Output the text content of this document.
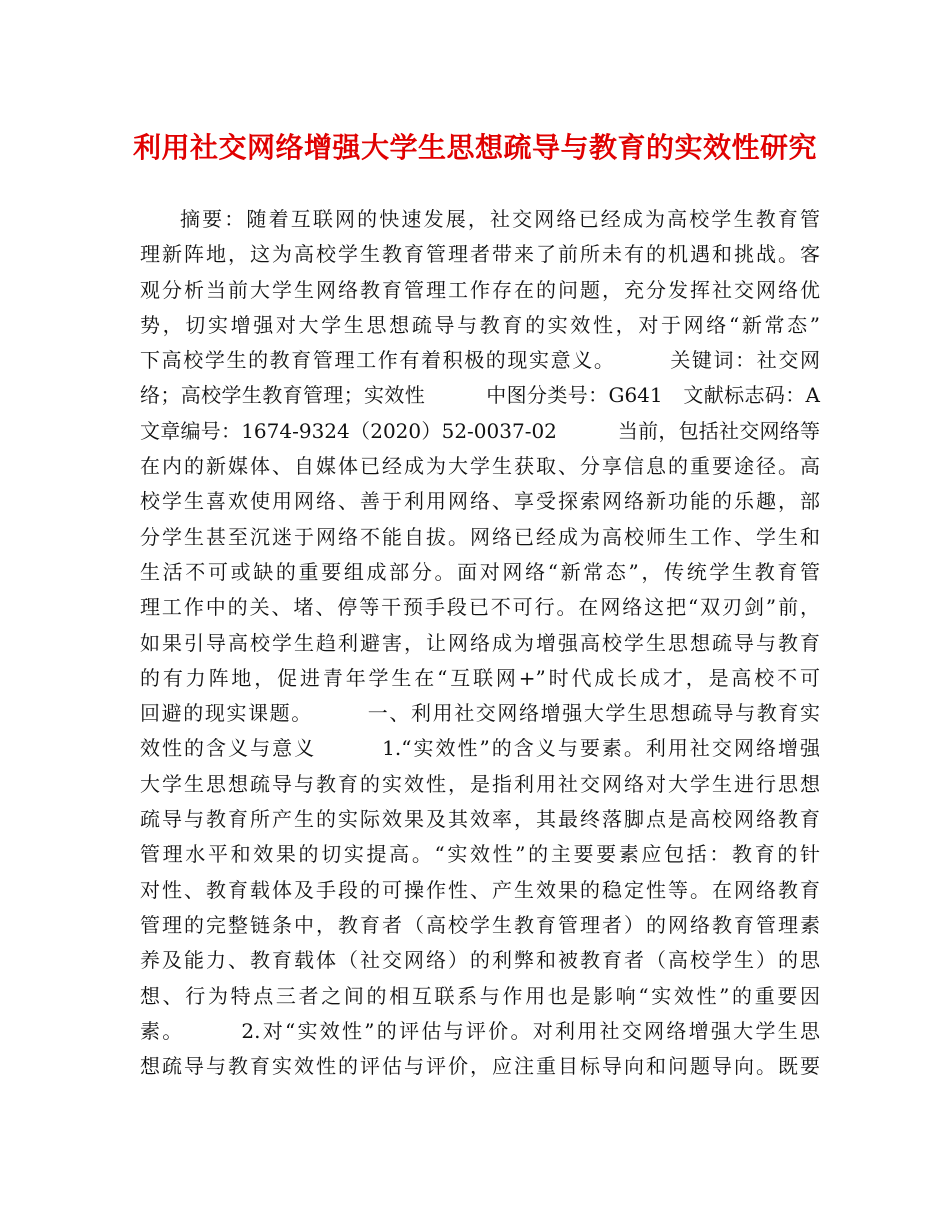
利用社交网络增强大学生思想疏导与教育的实效性研究
摘要：随着互联网的快速发展，社交网络已经成为高校学生教育管
理新阵地，这为高校学生教育管理者带来了前所未有的机遇和挑战。客
观分析当前大学生网络教育管理工作存在的问题，充分发挥社交网络优
势，切实增强对大学生思想疏导与教育的实效性，对于网络“新常态”
下高校学生的教育管理工作有着积极的现实意义。　　　关键词：社交网
络；高校学生教育管理；实效性　　　中图分类号：G641　文献标志码：A
文章编号：1674-9324（2020）52-0037-02　　　当前，包括社交网络等
在内的新媒体、自媒体已经成为大学生获取、分享信息的重要途径。高
校学生喜欢使用网络、善于利用网络、享受探索网络新功能的乐趣，部
分学生甚至沉迷于网络不能自拔。网络已经成为高校师生工作、学生和
生活不可或缺的重要组成部分。面对网络“新常态”，传统学生教育管
理工作中的关、堵、停等干预手段已不可行。在网络这把“双刃剑”前，
如果引导高校学生趋利避害，让网络成为增强高校学生思想疏导与教育
的有力阵地，促进青年学生在“互联网+”时代成长成才，是高校不可
回避的现实课题。　　　一、利用社交网络增强大学生思想疏导与教育实
效性的含义与意义　　　1.“实效性”的含义与要素。利用社交网络增强
大学生思想疏导与教育的实效性，是指利用社交网络对大学生进行思想
疏导与教育所产生的实际效果及其效率，其最终落脚点是高校网络教育
管理水平和效果的切实提高。“实效性”的主要要素应包括：教育的针
对性、教育载体及手段的可操作性、产生效果的稳定性等。在网络教育
管理的完整链条中，教育者（高校学生教育管理者）的网络教育管理素
养及能力、教育载体（社交网络）的利弊和被教育者（高校学生）的思
想、行为特点三者之间的相互联系与作用也是影响“实效性”的重要因
素。　　　2.对“实效性”的评估与评价。对利用社交网络增强大学生思
想疏导与教育实效性的评估与评价，应注重目标导向和问题导向。既要
